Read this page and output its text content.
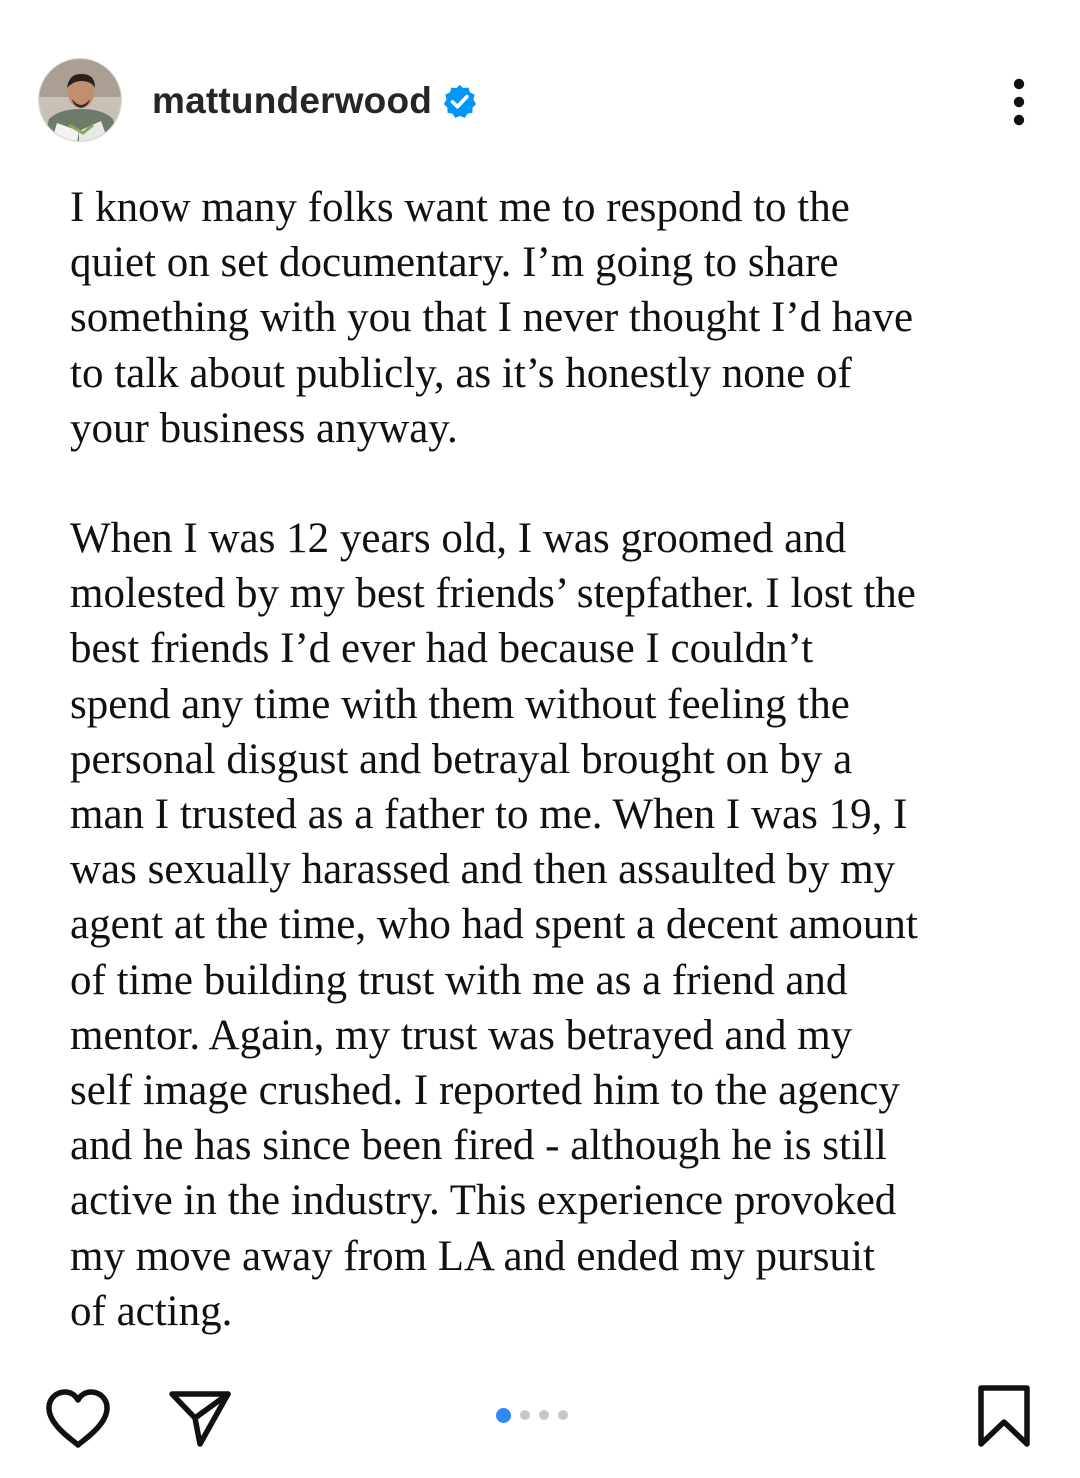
mattunderwood

I know many folks want me to respond to the
quiet on set documentary. I’m going to share
something with you that I never thought I’d have
to talk about publicly, as it’s honestly none of
your business anyway.

When I was 12 years old, I was groomed and
molested by my best friends’ stepfather. I lost the
best friends I’d ever had because I couldn’t
spend any time with them without feeling the
personal disgust and betrayal brought on by a
man I trusted as a father to me. When I was 19, I
was sexually harassed and then assaulted by my
agent at the time, who had spent a decent amount
of time building trust with me as a friend and
mentor. Again, my trust was betrayed and my
self image crushed. I reported him to the agency
and he has since been fired - although he is still
active in the industry. This experience provoked
my move away from LA and ended my pursuit
of acting.
